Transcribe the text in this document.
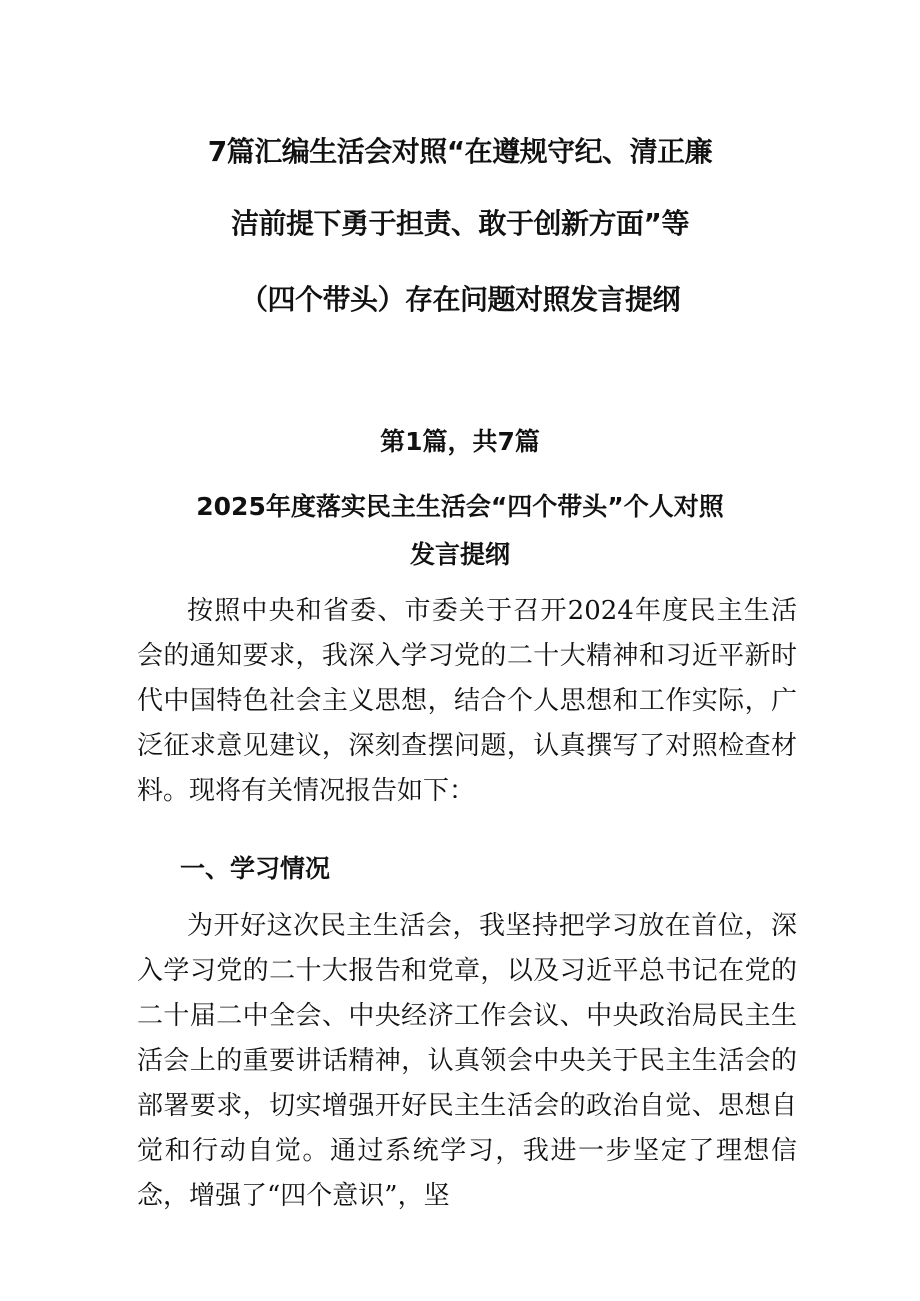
7篇汇编生活会对照“在遵规守纪、清正廉
洁前提下勇于担责、敢于创新方面”等
（四个带头）存在问题对照发言提纲
第1篇，共7篇
2025年度落实民主生活会“四个带头”个人对照
发言提纲

按照中央和省委、市委关于召开2024年度民主生活会的通知要求，我深入学习党的二十大精神和习近平新时代中国特色社会主义思想，结合个人思想和工作实际，广泛征求意见建议，深刻查摆问题，认真撰写了对照检查材料。现将有关情况报告如下：

一、学习情况

为开好这次民主生活会，我坚持把学习放在首位，深入学习党的二十大报告和党章，以及习近平总书记在党的二十届二中全会、中央经济工作会议、中央政治局民主生活会上的重要讲话精神，认真领会中央关于民主生活会的部署要求，切实增强开好民主生活会的政治自觉、思想自觉和行动自觉。通过系统学习，我进一步坚定了理想信念，增强了“四个意识”，坚
